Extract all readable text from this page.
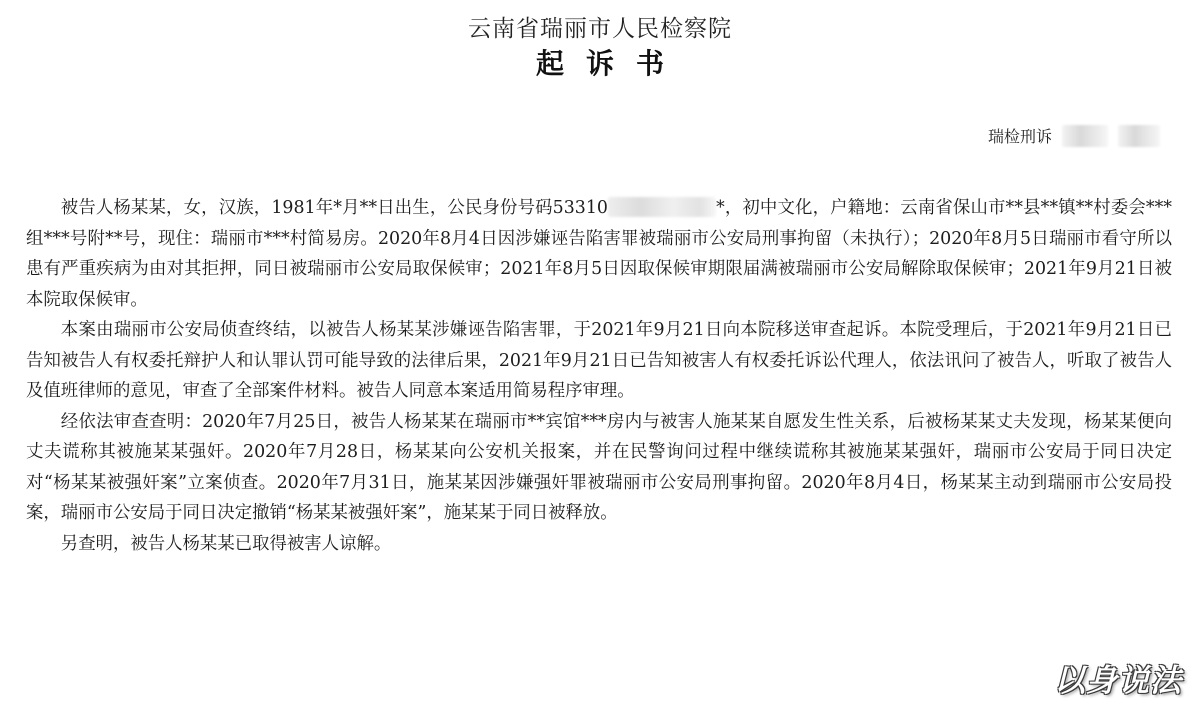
云南省瑞丽市人民检察院
起诉书
瑞检刑诉

被告人杨某某，女，汉族，1981年*月**日出生，公民身份号码53310	*，初中文化，户籍地：云南省保山市**县**镇**村委会***组***号附**号，现住：瑞丽市***村简易房。2020年8月4日因涉嫌诬告陷害罪被瑞丽市公安局刑事拘留（未执行）；2020年8月5日瑞丽市看守所以患有严重疾病为由对其拒押，同日被瑞丽市公安局取保候审；2021年8月5日因取保候审期限届满被瑞丽市公安局解除取保候审；2021年9月21日被本院取保候审。

本案由瑞丽市公安局侦查终结，以被告人杨某某涉嫌诬告陷害罪，于2021年9月21日向本院移送审查起诉。本院受理后，于2021年9月21日已告知被告人有权委托辩护人和认罪认罚可能导致的法律后果，2021年9月21日已告知被害人有权委托诉讼代理人，依法讯问了被告人，听取了被告人及值班律师的意见，审查了全部案件材料。被告人同意本案适用简易程序审理。

经依法审查查明：2020年7月25日，被告人杨某某在瑞丽市**宾馆***房内与被害人施某某自愿发生性关系，后被杨某某丈夫发现，杨某某便向丈夫谎称其被施某某强奸。2020年7月28日，杨某某向公安机关报案，并在民警询问过程中继续谎称其被施某某强奸，瑞丽市公安局于同日决定对“杨某某被强奸案”立案侦查。2020年7月31日，施某某因涉嫌强奸罪被瑞丽市公安局刑事拘留。2020年8月4日，杨某某主动到瑞丽市公安局投案，瑞丽市公安局于同日决定撤销“杨某某被强奸案”，施某某于同日被释放。

另查明，被告人杨某某已取得被害人谅解。

以身说法
